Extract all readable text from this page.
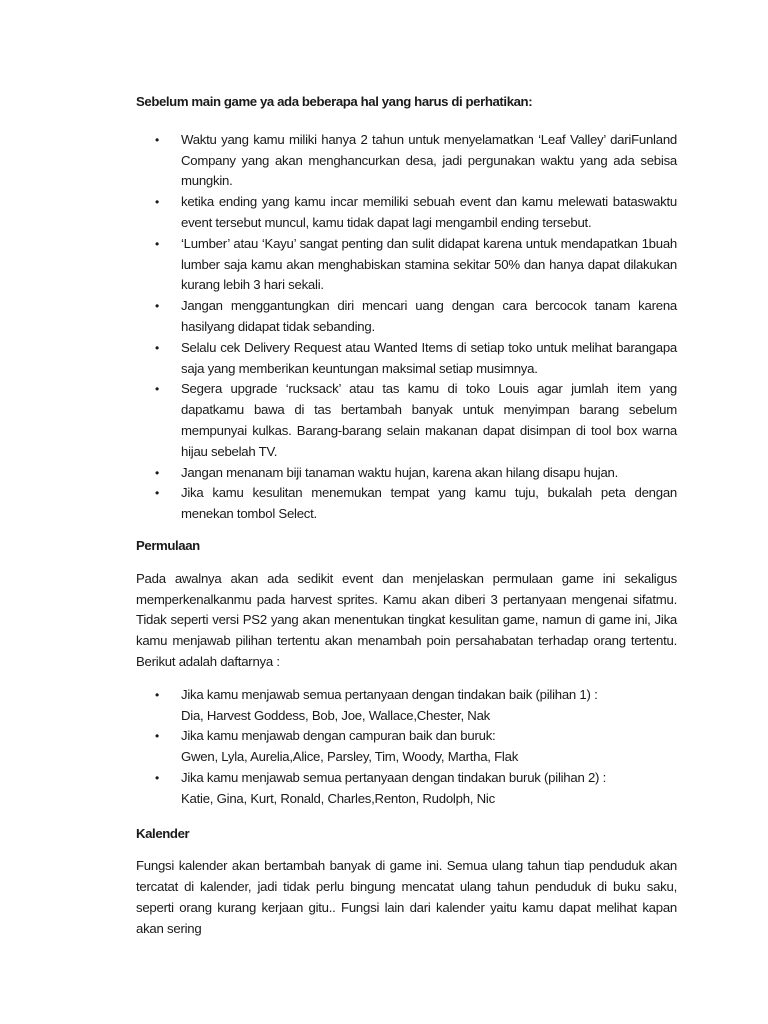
Sebelum main game ya ada beberapa hal yang harus di perhatikan:

• Waktu yang kamu miliki hanya 2 tahun untuk menyelamatkan ‘Leaf Valley’ dariFunland Company yang akan menghancurkan desa, jadi pergunakan waktu yang ada sebisa mungkin.
• ketika ending yang kamu incar memiliki sebuah event dan kamu melewati bataswaktu event tersebut muncul, kamu tidak dapat lagi mengambil ending tersebut.
• ‘Lumber’ atau ‘Kayu’ sangat penting dan sulit didapat karena untuk mendapatkan 1buah lumber saja kamu akan menghabiskan stamina sekitar 50% dan hanya dapat dilakukan kurang lebih 3 hari sekali.
• Jangan menggantungkan diri mencari uang dengan cara bercocok tanam karena hasilyang didapat tidak sebanding.
• Selalu cek Delivery Request atau Wanted Items di setiap toko untuk melihat barangapa saja yang memberikan keuntungan maksimal setiap musimnya.
• Segera upgrade ‘rucksack’ atau tas kamu di toko Louis agar jumlah item yang dapatkamu bawa di tas bertambah banyak untuk menyimpan barang sebelum mempunyai kulkas. Barang-barang selain makanan dapat disimpan di tool box warna hijau sebelah TV.
• Jangan menanam biji tanaman waktu hujan, karena akan hilang disapu hujan.
• Jika kamu kesulitan menemukan tempat yang kamu tuju, bukalah peta dengan menekan tombol Select.

Permulaan

Pada awalnya akan ada sedikit event dan menjelaskan permulaan game ini sekaligus memperkenalkanmu pada harvest sprites. Kamu akan diberi 3 pertanyaan mengenai sifatmu. Tidak seperti versi PS2 yang akan menentukan tingkat kesulitan game, namun di game ini, Jika kamu menjawab pilihan tertentu akan menambah poin persahabatan terhadap orang tertentu. Berikut adalah daftarnya :

• Jika kamu menjawab semua pertanyaan dengan tindakan baik (pilihan 1) :
Dia, Harvest Goddess, Bob, Joe, Wallace,Chester, Nak
• Jika kamu menjawab dengan campuran baik dan buruk:
Gwen, Lyla, Aurelia,Alice, Parsley, Tim, Woody, Martha, Flak
• Jika kamu menjawab semua pertanyaan dengan tindakan buruk (pilihan 2) :
Katie, Gina, Kurt, Ronald, Charles,Renton, Rudolph, Nic

Kalender

Fungsi kalender akan bertambah banyak di game ini. Semua ulang tahun tiap penduduk akan tercatat di kalender, jadi tidak perlu bingung mencatat ulang tahun penduduk di buku saku, seperti orang kurang kerjaan gitu.. Fungsi lain dari kalender yaitu kamu dapat melihat kapan akan sering
